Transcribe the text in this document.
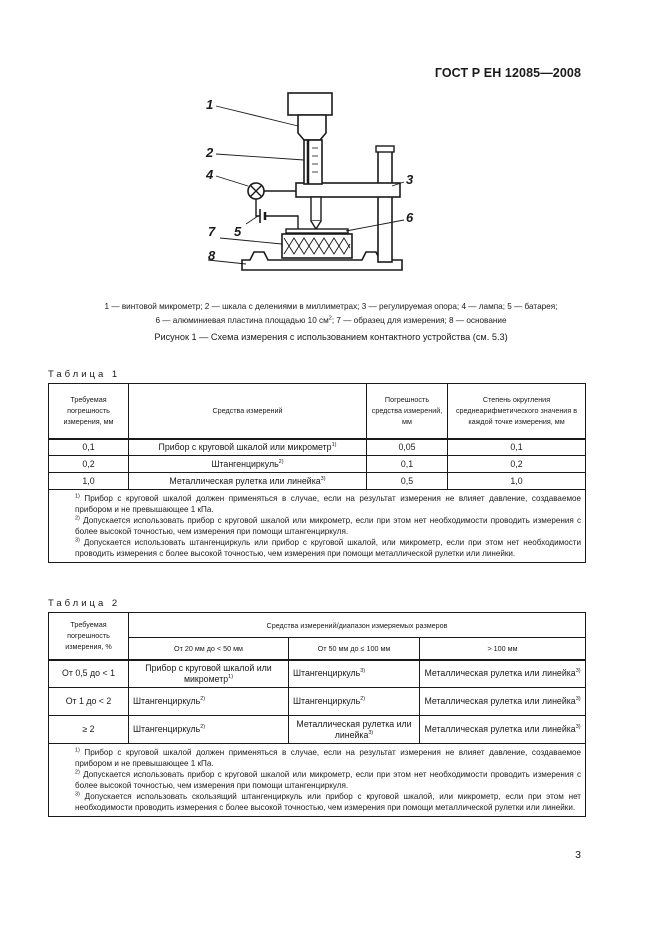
ГОСТ Р ЕН 12085—2008
1
2
4	3
6
5
7
8
1 — винтовой микрометр; 2 — шкала с делениями в миллиметрах; 3 — регулируемая опора; 4 — лампа; 5 — батарея;
6 — алюминиевая пластина площадью 10 $см^2$; 7 — образец для измерения; 8 — основание
Рисунок 1 — Схема измерения с использованием контактного устройства (см. 5.3)
Таблица 1
Требуемая погрешность измерения, мм	Средства измерений	Погрешность средства измерений, мм	Степень округления среднеарифметического значения в каждой точке измерения, мм
0,1	Прибор с круговой шкалой или микрометр$^{1)}$	0,05	0,1
0,2	Штангенциркуль$^{2)}$	0,1	0,2
1,0	Металлическая рулетка или линейка$^{3)}$	0,5	1,0

$^{1)}$ Прибор с круговой шкалой должен применяться в случае, если на результат измерения не влияет давление, создаваемое прибором и не превышающее 1 кПа.

$^{2)}$ Допускается использовать прибор с круговой шкалой или микрометр, если при этом нет необходимости проводить измерения с более высокой точностью, чем измерения при помощи штангенциркуля.

$^{3)}$ Допускается использовать штангенциркуль или прибор с круговой шкалой, или микрометр, если при этом нет необходимости проводить измерения с более высокой точностью, чем измерения при помощи металлической рулетки или линейки.			

Таблица 2
Требуемая погрешность измерения, %	Средства измерений/диапазон измеряемых размеров		
	От 20 мм до < 50 мм	От 50 мм до ≤ 100 мм	> 100 мм
От 0,5 до < 1	Прибор с круговой шкалой или микрометр$^{1)}$	Штангенциркуль$^{3)}$	Металлическая рулетка или линейка$^{3)}$
От 1 до < 2	Штангенциркуль$^{2)}$	Штангенциркуль$^{2)}$	Металлическая рулетка или линейка$^{3)}$
≥ 2	Штангенциркуль$^{2)}$	Металлическая рулетка или линейка$^{3)}$	Металлическая рулетка или линейка$^{3)}$

$^{1)}$ Прибор с круговой шкалой должен применяться в случае, если на результат измерения не влияет давление, создаваемое прибором и не превышающее 1 кПа.

$^{2)}$ Допускается использовать прибор с круговой шкалой или микрометр, если при этом нет необходимости проводить измерения с более высокой точностью, чем измерения при помощи штангенциркуля.

$^{3)}$ Допускается использовать скользящий штангенциркуль или прибор с круговой шкалой, или микрометр, если при этом нет необходимости проводить измерения с более высокой точностью, чем измерения при помощи металлической рулетки или линейки.			

3
